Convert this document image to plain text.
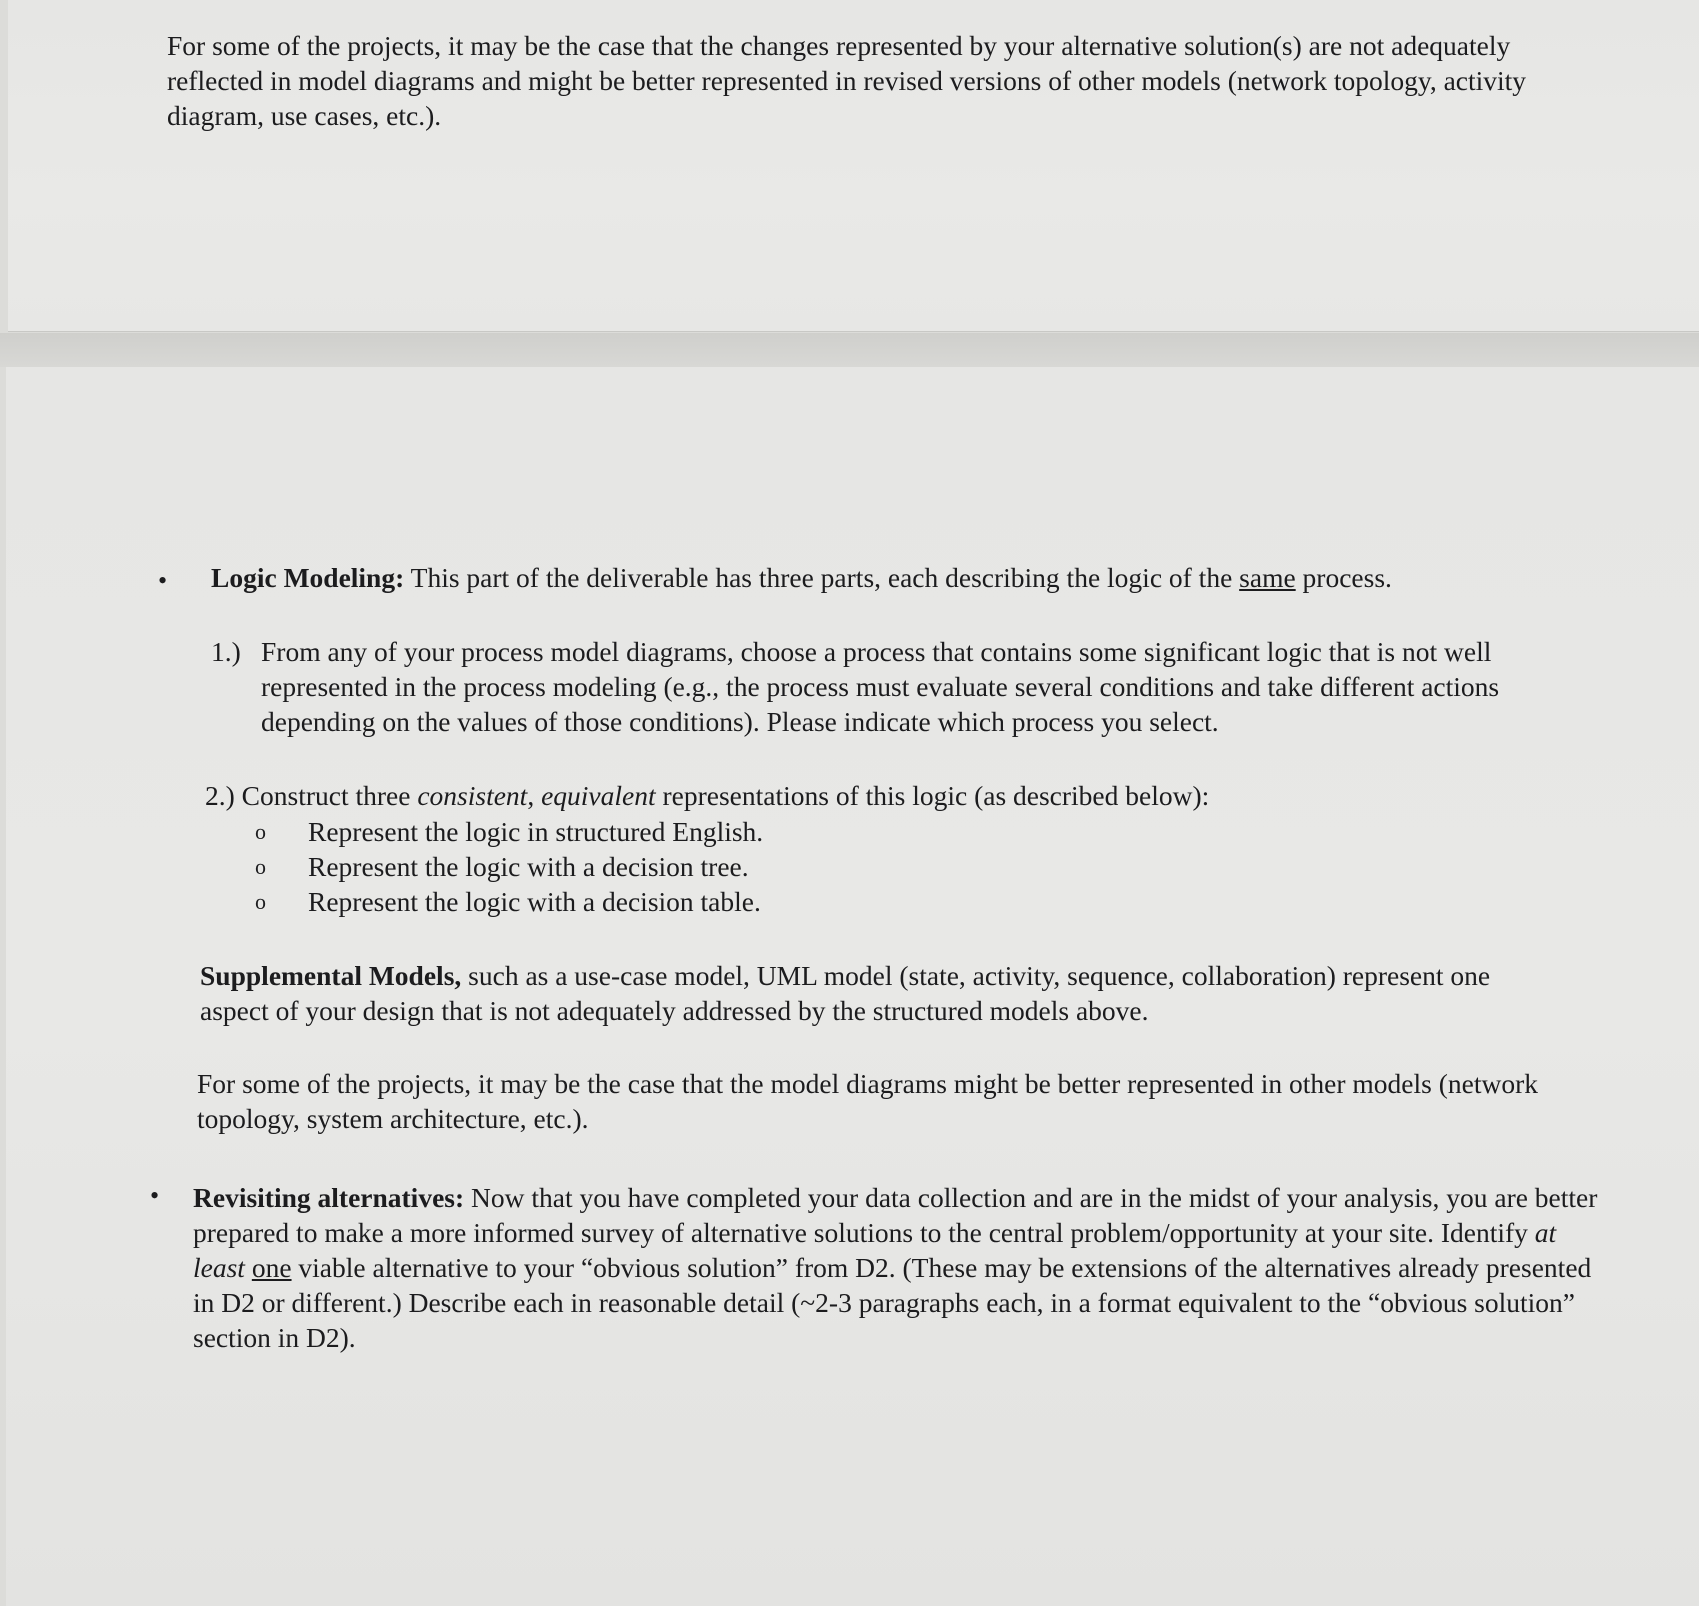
For some of the projects, it may be the case that the changes represented by your alternative solution(s) are not adequately reflected in model diagrams and might be better represented in revised versions of other models (network topology, activity diagram, use cases, etc.).

• Logic Modeling: This part of the deliverable has three parts, each describing the logic of the same process.

1.) From any of your process model diagrams, choose a process that contains some significant logic that is not well represented in the process modeling (e.g., the process must evaluate several conditions and take different actions depending on the values of those conditions). Please indicate which process you select.

2.) Construct three consistent, equivalent representations of this logic (as described below):

o Represent the logic in structured English.
o Represent the logic with a decision tree.
o Represent the logic with a decision table.

Supplemental Models, such as a use-case model, UML model (state, activity, sequence, collaboration) represent one aspect of your design that is not adequately addressed by the structured models above.

For some of the projects, it may be the case that the model diagrams might be better represented in other models (network topology, system architecture, etc.).

• Revisiting alternatives: Now that you have completed your data collection and are in the midst of your analysis, you are better prepared to make a more informed survey of alternative solutions to the central problem/opportunity at your site. Identify at least one viable alternative to your “obvious solution” from D2. (These may be extensions of the alternatives already presented in D2 or different.) Describe each in reasonable detail (~2-3 paragraphs each, in a format equivalent to the “obvious solution” section in D2).
